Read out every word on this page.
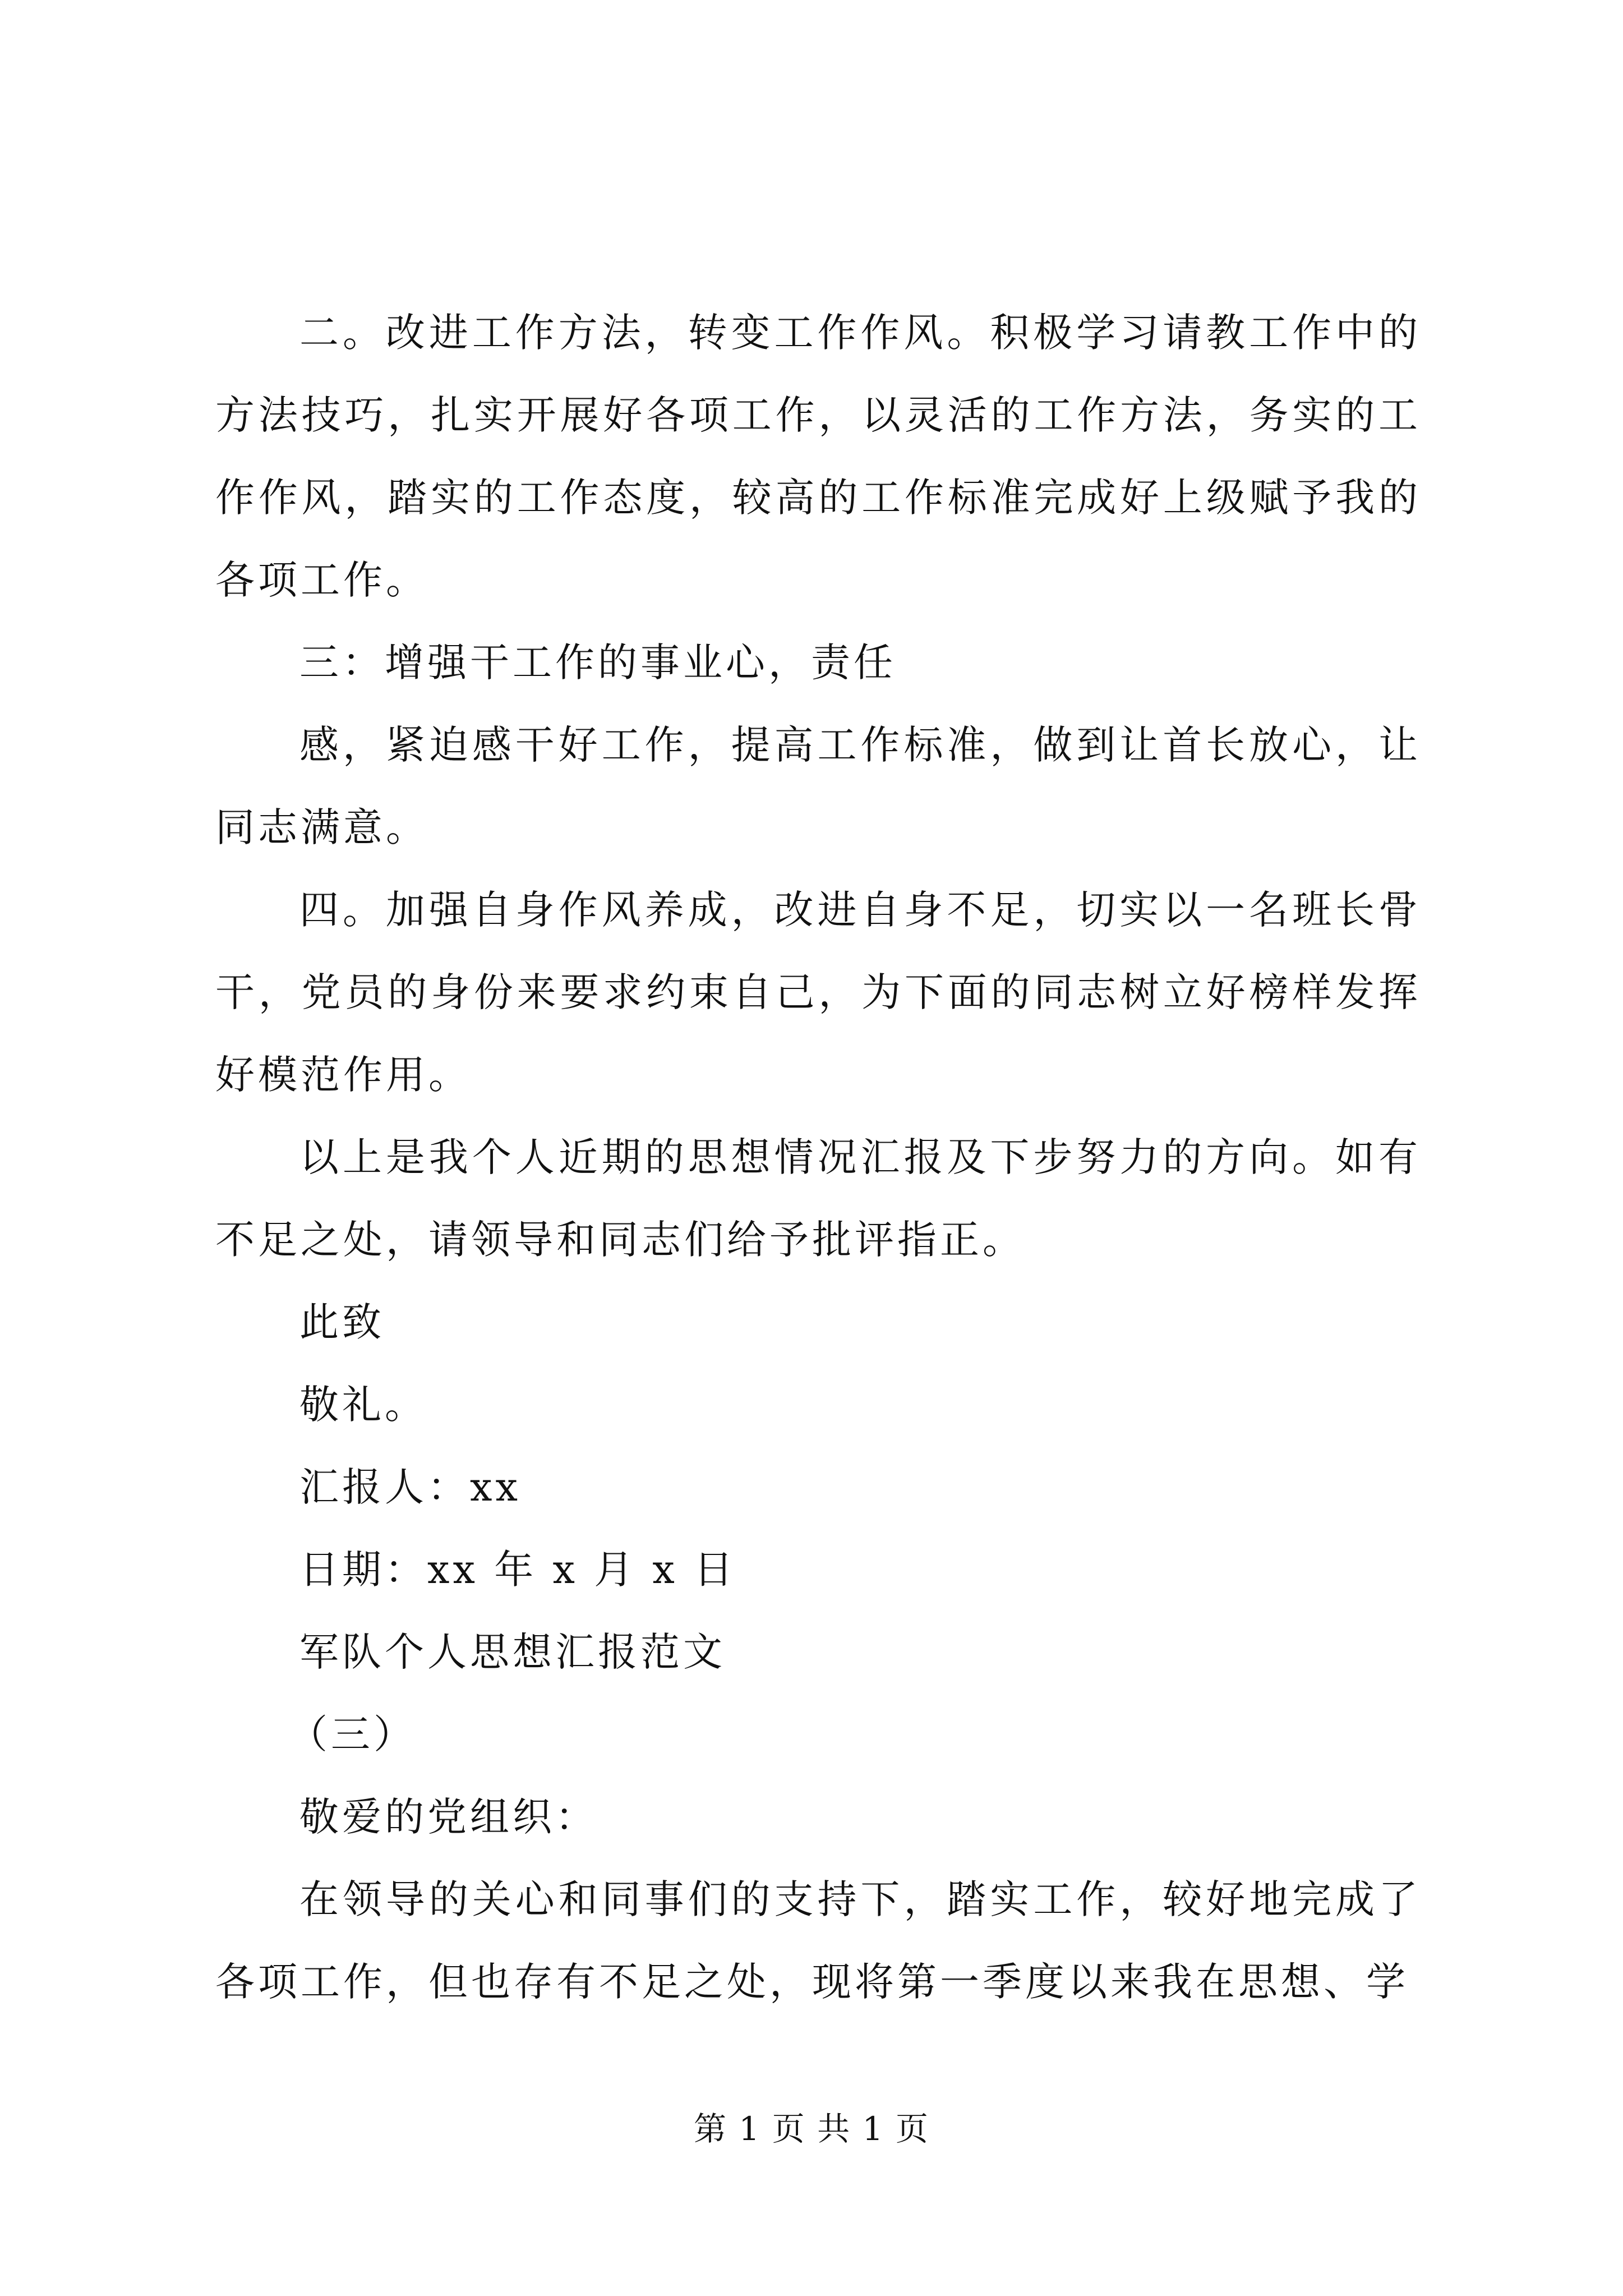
二。改进工作方法，转变工作作风。积极学习请教工作中的方法技巧，扎实开展好各项工作，以灵活的工作方法，务实的工作作风，踏实的工作态度，较高的工作标准完成好上级赋予我的各项工作。

三：增强干工作的事业心，责任

感，紧迫感干好工作，提高工作标准，做到让首长放心，让同志满意。

四。加强自身作风养成，改进自身不足，切实以一名班长骨干，党员的身份来要求约束自己，为下面的同志树立好榜样发挥好模范作用。

以上是我个人近期的思想情况汇报及下步努力的方向。如有不足之处，请领导和同志们给予批评指正。

此致

敬礼。

汇报人：xx

日期：xx 年 x 月 x 日

军队个人思想汇报范文

（三）

敬爱的党组织：

在领导的关心和同事们的支持下，踏实工作，较好地完成了各项工作，但也存有不足之处，现将第一季度以来我在思想、学

第 1 页 共 1 页
